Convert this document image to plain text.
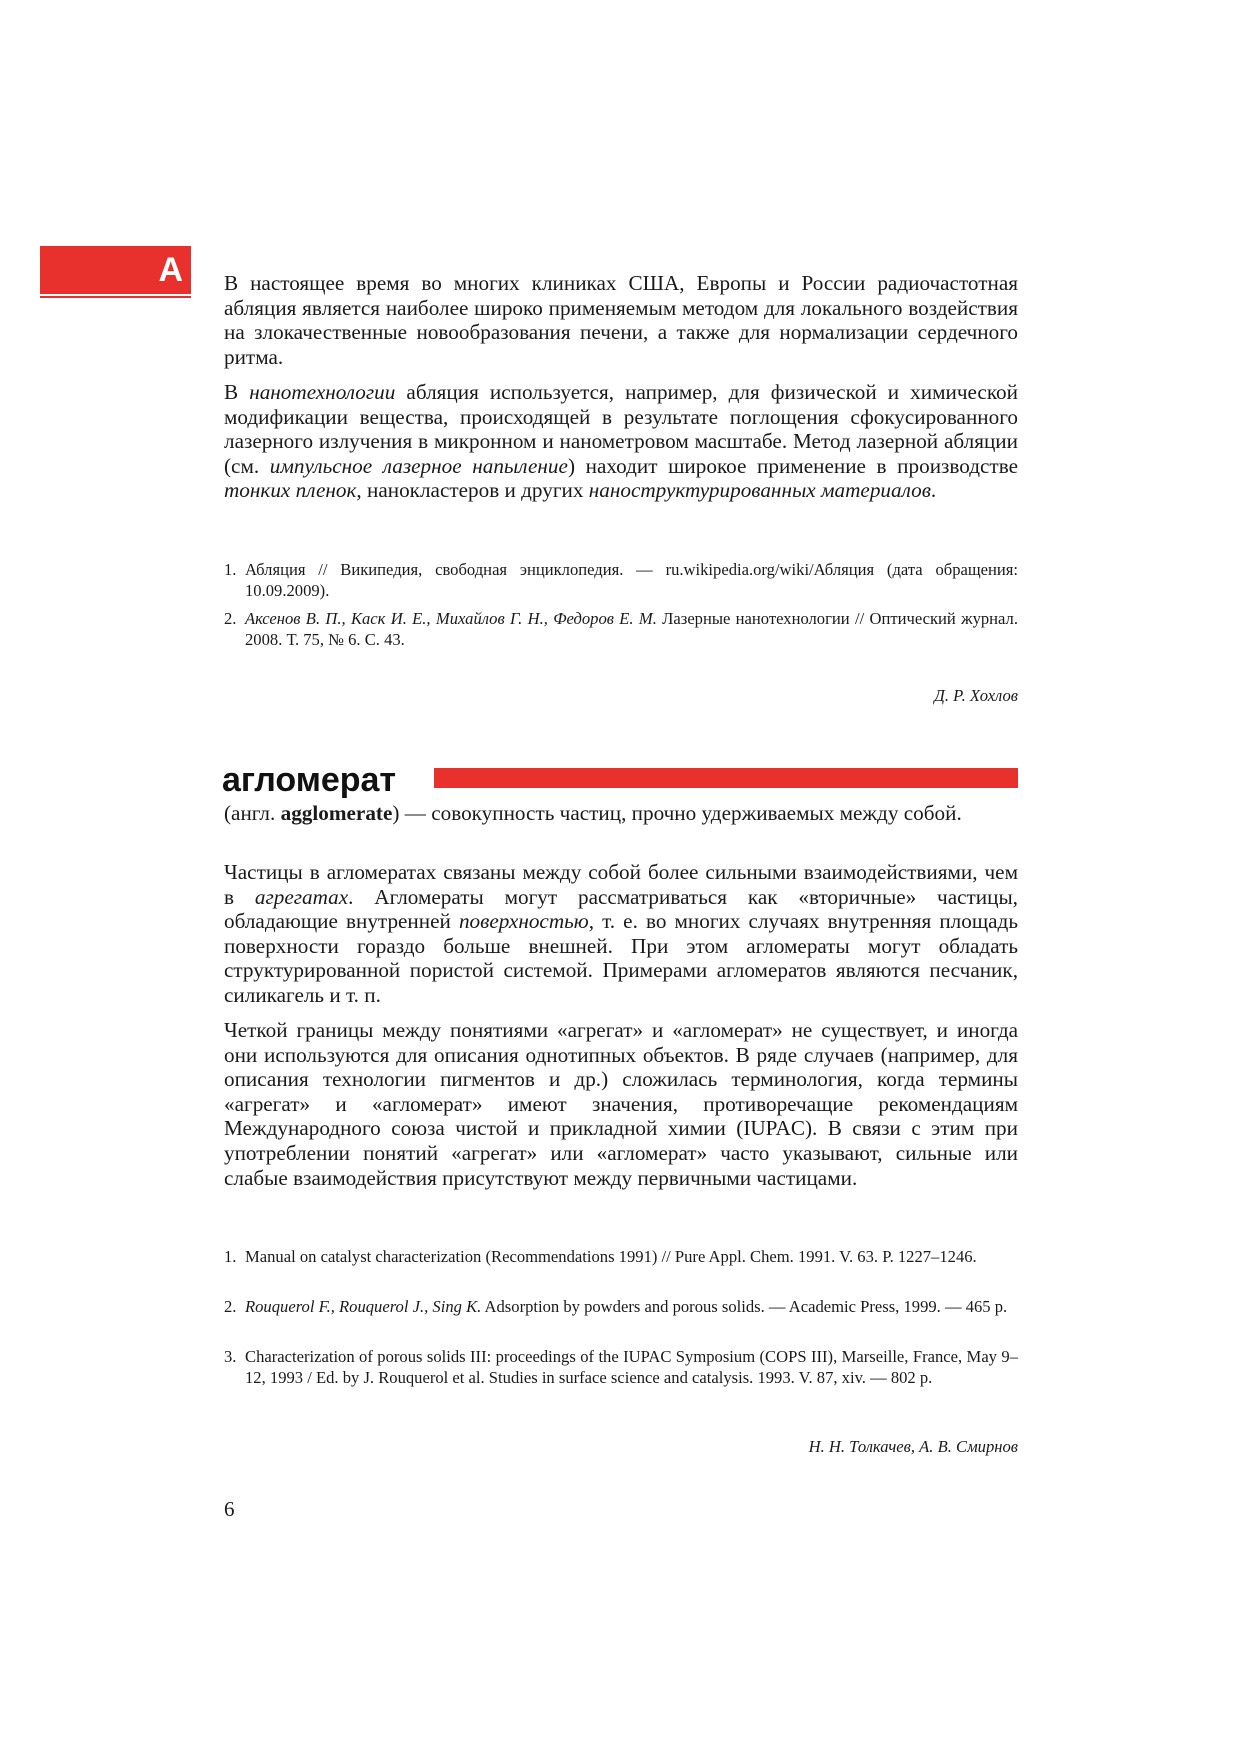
А В настоящее время во многих клиниках США, Европы и России радиочастотная абляция является наиболее широко применяемым методом для локального воздействия на злокачественные новообразования печени, а также для нормализации сердечного ритма.

В нанотехнологии абляция используется, например, для физической и химической модификации вещества, происходящей в результате поглощения сфокусированного лазерного излучения в микронном и нанометровом масштабе. Метод лазерной абляции (см. импульсное лазерное напыление) находит широкое применение в производстве тонких пленок, нанокластеров и других наноструктурированных материалов.

1. Абляция // Википедия, свободная энциклопедия. — ru.wikipedia.org/wiki/Абляция (дата обращения: 10.09.2009).
2. Аксенов В. П., Каск И. Е., Михайлов Г. Н., Федоров Е. М. Лазерные нанотехнологии // Оптический журнал. 2008. Т. 75, № 6. С. 43.
Д. Р. Хохлов
агломерат

(англ. agglomerate) — совокупность частиц, прочно удерживаемых между собой.

Частицы в агломератах связаны между собой более сильными взаимодействиями, чем в агрегатах. Агломераты могут рассматриваться как «вторичные» частицы, обладающие внутренней поверхностью, т. е. во многих случаях внутренняя площадь поверхности гораздо больше внешней. При этом агломераты могут обладать структурированной пористой системой. Примерами агломератов являются песчаник, силикагель и т. п.

Четкой границы между понятиями «агрегат» и «агломерат» не существует, и иногда они используются для описания однотипных объектов. В ряде случаев (например, для описания технологии пигментов и др.) сложилась терминология, когда термины «агрегат» и «агломерат» имеют значения, противоречащие рекомендациям Международного союза чистой и прикладной химии (IUPAC). В связи с этим при употреблении понятий «агрегат» или «агломерат» часто указывают, сильные или слабые взаимодействия присутствуют между первичными частицами.

1. Manual on catalyst characterization (Recommendations 1991) // Pure Appl. Chem. 1991. V. 63. P. 1227–1246.
2. Rouquerol F., Rouquerol J., Sing K. Adsorption by powders and porous solids. — Academic Press, 1999. — 465 p.
3. Characterization of porous solids III: proceedings of the IUPAC Symposium (COPS III), Marseille, France, May 9–12, 1993 / Ed. by J. Rouquerol et al. Studies in surface science and catalysis. 1993. V. 87, xiv. — 802 p.
Н. Н. Толкачев, А. В. Смирнов
6
